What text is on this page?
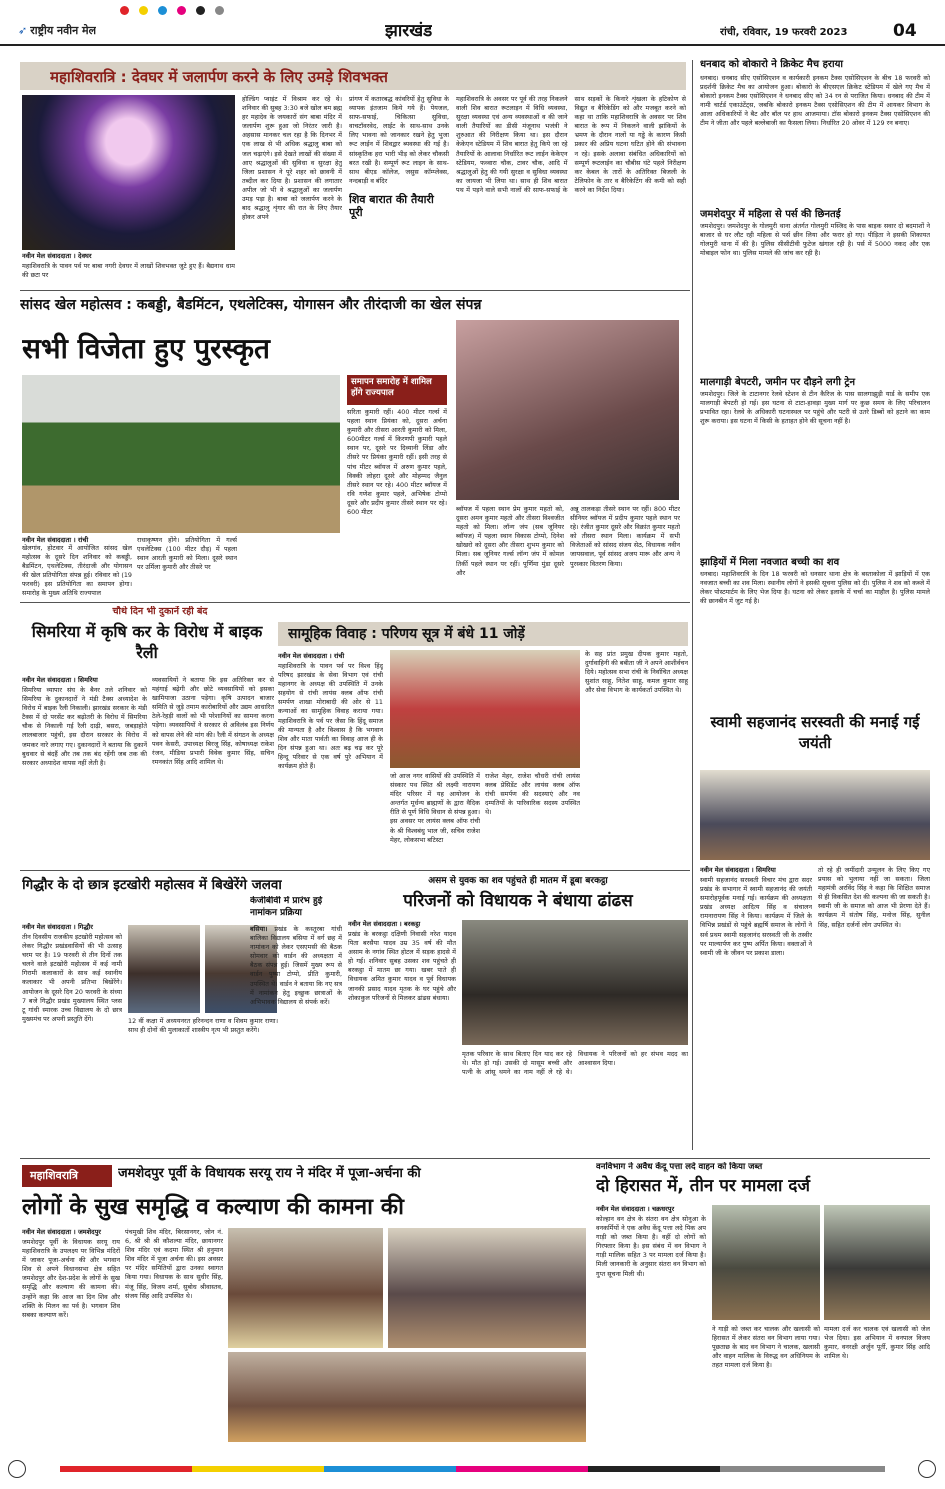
➶ राष्ट्रीय नवीन मेल	झारखंड	रांची, रविवार, 19 फरवरी 2023	04
महाशिवरात्रि : देवघर में जलार्पण करने के लिए उमड़े शिवभक्त
नवीन मेल संवाददाता । देवघर
महाशिवरात्रि के पावन पर्व पर बाबा नगरी देवघर में लाखों शिवभक्त जुटे हुए हैं। बैद्यनाथ धाम की छटा पर
होल्डिंग प्वाइंट में विश्राम कर रहे थे। शनिवार की सुबह 3:30 बजे खोल बम ब्रह्म हर महादेव के जयकारों संग बाबा मंदिर में जलार्पण शुरू हुआ जो निरंतर जारी है। अहसास मानकर चल रहा है कि दिनभर में एक लाख से भी अधिक श्रद्धालु बाबा को जल चढ़ाएंगे। इसे देखते लाखों की संख्या में आए श्रद्धालुओं की सुविधा व सुरक्षा हेतु जिला प्रशासन ने पूरे शहर को छावनी में तब्दील कर दिया है। प्रशासन की लगातार अपील जो भी वे श्रद्धालुओं का जलार्पण उमड़ पड़ा है। बाबा को जलार्पण करने के बाद श्रद्धालु शृंगार की रात के लिए तैयार होकर अपने
प्रांगण में कतारबद्ध कांवरियों हेतु सुविधा के व्यापक इंतजाम किये गये हैं। पेयजल, साफ-सफाई, चिकित्सा सुविधा, वाचटॉवरवेद, लाईट के साथ-साथ उनके लिए भावना को जानकार रखने हेतु भुजा रूट लाईन में शिवद्वार ब्यवस्था की गई है। सांस्कृतिक हरा भारी भीड़ को लेकर चौकसी बरत रखी है। सम्पूर्ण रूट लाइन के साथ-साथ बीएड कॉलेज, जसुस कॉम्प्लेक्स, नन्दबाड़ी व बंदिर
शिव बारात की तैयारी पूरी
महाशिवरात्रि के अवसर पर पूर्व की तरह निकलने वाली शिव बारात रूटलाइन में विधि व्यवस्था, सुरक्षा व्यवस्था एवं अन्य व्यवस्थाओं व की जाने वाली तैयारियों का डीसी मंजूनाथ भजंत्री ने शुरुआत की निरीक्षण किया था। इस दौरान केकेएन स्टेडियम में शिव बारात हेतु किये जा रहे तैयारियों के आलावा निर्धारित रूट लाईन केकेएन स्टेडियम, फव्वारा चौक, टावर चौक, आदि में श्रद्धालुओं हेतु की गयी सुरक्षा व सुविधा व्यवस्था का जायजा भी लिया था। साथ ही शिव बारात पथ में पड़ने वाले सभी नालों की साफ-सफाई के साथ सड़कों के किनारे शृंखला के हटिकोण से विद्युत व बैरिकेडिंग को और मजबूत करने को कहा था ताकि महाशिवरात्रि के अवसर पर शिव बारात के रूप में निकलने वाली झांकियों के भ्रमण के दौरान नालों या गड्ढे के कारण किसी प्रकार की अप्रिय घटना घटित होने की संभावना न रहे। इसके अलावा संबंधित अधिकारियों को सम्पूर्ण रूटलाईन का चौबीस घंटे पहले निरीक्षण कर केबल के तारों के अतिरिक्त बिजली के टेलिफोन के तार व बैरिकेटिंग की कमी को सही करने का निर्देश दिया।
सांसद खेल महोत्सव : कबड्डी, बैडमिंटन, एथलेटिक्स, योगासन और तीरंदाजी का खेल संपन्न
सभी विजेता हुए पुरस्कृत
समापन समारोह में शामिल होंगे राज्यपाल
सरिता कुमारी रहीं। 400 मीटर गर्ल्स में पहला स्थान प्रियंका को, दूसरा अर्चना कुमारी और तीसरा आरती कुमारी को मिला, 600मीटर गर्ल्स में किरणपी कुमारी पहले स्थान पर, दूसरे पर दिव्यानी लिंडा और तीसरे पर प्रियंका कुमारी रहीं। इसी तरह से पांच मीटर ब्वॉयज में अरुण कुमार पहले, विक्की लोहरा दूसरे और मोहम्मद जैनुल तीसरे स्थान पर रहे। 400 मीटर ब्वॉयज में रवि गणेश कुमार पहले, अभिषेक टोप्पो दूसरे और प्रदीप कुमार तीसरे स्थान पर रहे। 600 मीटर
नवीन मेल संवाददाता । रांची
खेलगांव, होटवार में आयोजित सांसद खेल महोत्सव के दूसरे दिन शनिवार को कबड्डी, बैडमिंटन, एथलेटिक्स, तीरंदाजी और योगासन की खेल प्रतियोगिता संपन्न हुई। रविवार को (19 फरवरी) इस प्रतियोगिता का समापन होगा। समारोह के मुख्य अतिथि राज्यपाल
राधाकृष्णन होंगे। प्रतियोगिता में गर्ल्स एथलेटिक्स (100 मीटर दौड़) में पहला स्थान आरती कुमारी को मिला। दूसरे स्थान पर उर्मिला कुमारी और तीसरे पर
ब्वॉयज में पहला स्थान प्रेम कुमार महतो को, दूसरा अमन कुमार महतो और तीसरा विश्वजीत महतो को मिला। लॉन्ग जंप (सब जूनियर ब्वॉयज) में पहला स्थान विकास टोप्पो, दिनेश खोखरो को दूसरा और तीसरा शुभम कुमार को मिला। सब जूनियर गर्ल्स लॉन्ग जंप में कोमल तिर्की पहले स्थान पर रहीं। पूर्णिमा मुंडा दूसरे और
अन्नू तालकड़ा तीसरे स्थान पर रहीं। 800 मीटर सीनियर ब्वॉयज में प्रदीप कुमार पहले स्थान पर रहे। रंजीत कुमार दूसरे और विक्रांत कुमार महतो को तीसरा स्थान मिला। कार्यक्रम में सभी विजेताओं को सांसद संजय सेठ, विधायक नवीन जायसवाल, पूर्व सांसद अजय मारू और अन्य ने पुरस्कार वितरण किया।
चौथे दिन भी दुकानें रही बंद
सिमरिया में कृषि कर के विरोध में बाइक रैली
नवीन मेल संवाददाता । सिमरिया
सिमरिया व्यापार संघ के बैनर तले शनिवार को सिमरिया के दुकानदारों ने मंडी टैक्स अध्यादेश के विरोध में बाइक रैली निकाली। झारखंड सरकार के मंडी टैक्स में दो परसेंट कर बढ़ोतरी के विरोध में सिमरिया चौक से निकाली गई रैली दाढ़ी, बसरा, जबड़ाहोते लालबाजार पहुंची, इस दौरान सरकार के विरोध में जमकर नारे लगाए गए। दुकानदारों ने बताया कि दुकानें बुधवार से बंदहैं और तब तक बंद रहेंगी जब तक की सरकार अध्यादेश वापस नहीं लेती है।
व्यवसायियों ने बताया कि इस अतिरिक्त कर से महंगाई बढ़ेगी और छोटे व्यवसायियों को इसका खामियाजा उठाना पड़ेगा। कृषि उत्पादन बाजार समिति से जुड़े तमाम कारोबारियों और उद्यम आधारित ठेले-रेहड़ी वालों को भी परेशानियों का सामना करना पड़ेगा। व्यवसायियों ने सरकार से अविलंब इस निर्णय को वापस लेने की मांग की। रैली में संगठन के अध्यक्ष पवन केसरी, उपाध्यक्ष बिरजू सिंह, कोषाध्यक्ष राकेश रंजन, मीडिया प्रभारी विवेक कुमार सिंह, सचिन रमनकांत सिंह आदि शामिल थे।
सामूहिक विवाह : परिणय सूत्र में बंधे 11 जोड़ें
नवीन मेल संवाददाता । रांची
महाशिवरात्रि के पावन पर्व पर विश्व हिंदू परिषद झारखंड के सेवा विभाग एवं रांची महानगर के अध्यक्ष की उपस्थिति में उनके सहयोग से रांची लायंस क्लब ऑफ रांची समर्पण शाखा मोराबादी की ओर से 11 कन्याओं का सामूहिक विवाह कराया गया। महाशिवरात्रि के पर्व पर जैसा कि हिंदू समाज की मान्यता है और विश्वास है कि भगवान शिव और माता पार्वती का विवाह आज ही के दिन संपन्न हुआ था। अतः बढ़ चढ़ कर पूरे हिन्दू परिवार से एक वर्ष पुरे अभियान में कार्यक्रम होते हैं।
जो आज नगर वासियों की उपस्थिति में संस्कार पथ स्थित श्री लक्ष्मी नारायण मंदिर परिसर में यह आयोजन के अन्तर्गत मूर्धन्य ब्राह्मणों के द्वारा वैदिक रीति से पूर्ण विधि विधान से संपन्न हुआ। इस अवसर पर लायंस क्लब ऑफ रांची के श्री विश्वबंधु भाल जी, सचिव राजेश मेहर, लोकसभा बटिस्टा
राजेश मेहर, राजेश चौधरी रांची लायंस क्लब प्रेसिडेंट और लायंस क्लब ऑफ रांची समर्पण की सदस्याएं और नव दम्पतियों के पारिवारिक सदस्य उपस्थित थे।
के सह प्रांत प्रमुख दीपक कुमार महतो, दुर्गावाहिनी की बबीता जी ने अपने आशीर्वचन दिये। महोत्सव सभा रांची के निर्वाचित अध्यक्ष सुशांत साहू, नितेश साहू, कमल कुमार साहू और सेवा विभाग के कार्यकर्ता उपस्थित थे।
गिद्धौर के दो छात्र इटखोरी महोत्सव में बिखेरेंगे जलवा
नवीन मेल संवाददाता । गिद्धौर
तीन दिवसीय राजकीय इटखोरी महोत्सव को लेकर गिद्धौर प्रखंडवासियों की भी उत्साह चरम पर है। 19 फरवरी से तीन दिनों तक चलने वाले इटखोरी महोत्सव में कई नामी गिरामी कलाकारों के साथ कई स्थानीय कलाकार भी अपनी प्रतिभा बिखेरेंगे। आयोजन के दूसरे दिन 20 फरवरी के संध्या 7 बजे गिद्धौर प्रखंड मुख्यालय स्थित प्लस टू गांधी स्मारक उच्च विद्यालय के दो छात्र मुख्यमंच पर अपनी प्रस्तुति देंगे।	12 वीं कक्षा में अध्ययनरत हरिनन्दन राणा व शिवम कुमार राणा। साथ ही दोनों की मुलाकातों शास्त्रीय नृत्य भी प्रस्तुत करेंगे।
केजीबीवी में प्रारंभ हुई नामांकन प्रक्रिया
बसिया। प्रखंड के कस्तूरबा गांधी बालिका विद्यालय बसिया में वर्ग छह में नामांकन को लेकर एसएमसी की बैठक सोमवार को वार्डन की अध्यक्षता में बैठक संपन्न हुई। जिसमें मुख्य रूप से वार्डन पुष्पा टोप्पो, प्रीति कुमारी, उपस्थित थे। वार्डन ने बताया कि नए सत्र में नामांकन हेतु इच्छुक छात्राओं के अभिभावक विद्यालय से संपर्क करें।
असम से युवक का शव पहुंचते ही मातम में डूबा बरकट्ठा
परिजनों को विधायक ने बंधाया ढांढस
नवीन मेल संवाददाता । बरकट्ठा
प्रखंड के बरकट्ठा दक्षिणी निवासी नरेश यादव पिता बरसैया यादव उम्र 35 वर्ष की मौत असाम के नगांव स्थित होटल में सड़क हादसे में हो गई। शनिवार सुबह उसका शव पहुंचते ही बरकट्ठा में मातम छा गया। खबर पाते ही विधायक अमित कुमार यादव व पूर्व विधायक जानकी प्रसाद यादव मृतक के घर पहुंचे और शोकाकुल परिजनों से मिलकर ढांढस बंधाया।
मृतक परिवार के साथ बिताए दिन याद कर रहे थे। मौत हो गई। उसकी दो मासूम बच्ची और पत्नी के आंसू थमने का नाम नहीं ले रहे थे। विधायक ने परिजनों को हर संभव मदद का आश्वासन दिया।
धनबाद को बोकारो ने क्रिकेट मैच हराया
धनबाद। धनबाद सीए एसोसिएशन व कार्यकारी इनकम टैक्स एसोसिएशन के बीच 18 फरवरी को प्रदर्शनी क्रिकेट मैच का आयोजन हुआ। बोकारो के बीएसएल क्रिकेट स्टेडियम में खेले गए मैच में बोकारो इनकम टैक्स एसोसिएशन ने धनबाद सीए को 34 रन से पराजित किया। धनबाद की टीम में नामी चार्टर्ड एकाउंटेंट्स, जबकि बोकारो इनकम टैक्स एसोसिएशन की टीम में आयकर विभाग के आला अधिकारियों ने बैट और बॉल पर हाथ आजमाया। टॉस बोकारो इनकम टैक्स एसोसिएशन की टीम ने जीता और पहले बल्लेबाजी का फैसला लिया। निर्धारित 20 ओवर में 129 रन बनाए।
जमशेदपुर में महिला से पर्स की छिनतई
जमशेदपुर। जमशेदपुर के गोलमुरी थाना अंतर्गत गोलमुरी मस्जिद के पास बाइक सवार दो बदमाशों ने बाजार से घर लौट रही महिला से पर्स छीन लिया और फरार हो गए। पीड़िता ने इसकी शिकायत गोलमुरी थाना में की है। पुलिस सीसीटीवी फुटेज खंगाल रही है। पर्स में 5000 नकद और एक मोबाइल फोन था। पुलिस मामले की जांच कर रही है।
मालगाड़ी बेपटरी, जमीन पर दौड़ने लगी ट्रेन
जमशेदपुर। जिले के टाटानगर रेलवे स्टेशन से टीन कैरिज के पास सालगाझुड़ी यार्ड के समीप एक मालगाड़ी बेपटरी हो गई। इस घटना से टाटा-हावड़ा मुख्य मार्ग पर कुछ समय के लिए परिचालन प्रभावित रहा। रेलवे के अधिकारी घटनास्थल पर पहुंचे और पटरी से उतरे डिब्बों को हटाने का काम शुरू कराया। इस घटना में किसी के हताहत होने की सूचना नहीं है।
झाड़ियों में मिला नवजात बच्ची का शव
धनबाद। महाशिवरात्रि के दिन 18 फरवरी को धनसार थाना क्षेत्र के बस्ताकोला में झाड़ियों में एक नवजात बच्ची का शव मिला। स्थानीय लोगों ने इसकी सूचना पुलिस को दी। पुलिस ने शव को कब्जे में लेकर पोस्टमार्टम के लिए भेज दिया है। घटना को लेकर इलाके में चर्चा का माहौल है। पुलिस मामले की छानबीन में जुट गई है।
स्वामी सहजानंद सरस्वती की मनाई गई जयंती
नवीन मेल संवाददाता । सिमरिया
स्वामी सहजानंद सरस्वती विचार मंच द्वारा सदर प्रखंड के सभागार में स्वामी सहजानंद की जयंती समारोहपूर्वक मनाई गई। कार्यक्रम की अध्यक्षता प्रखंड अध्यक्ष आदित्य सिंह व संचालन रामनारायण सिंह ने किया। कार्यक्रम में जिले के विभिन्न प्रखंडों से पहुंचे ब्रह्मर्षि समाज के लोगों ने सर्व प्रथम स्वामी सहजानंद सरस्वती जी के तस्वीर पर माल्यार्पण कर पुष्प अर्पित किया। वक्ताओं ने स्वामी जी के जीवन पर प्रकाश डाला।
तो रहे ही जमींदारी उन्मूलन के लिए किए गए प्रयास को भुलाया नहीं जा सकता। जिला महामंत्री अरविंद सिंह ने कहा कि शिक्षित समाज से ही विकसित देश की कल्पना की जा सकती है। स्वामी जी के समाज को आज भी प्रेरणा देते हैं। कार्यक्रम में संतोष सिंह, मनोज सिंह, सुनील सिंह, सहित दर्जनों लोग उपस्थित थे।
महाशिवरात्रि	जमशेदपुर पूर्वी के विधायक सरयू राय ने मंदिर में पूजा-अर्चना की
लोगों के सुख समृद्धि व कल्याण की कामना की
नवीन मेल संवाददाता । जमशेदपुर
जमशेदपुर पूर्वी के विधायक सरयू राय महाशिवरात्रि के उपलक्ष्य पर विभिन्न मंदिरों में जाकर पूजा-अर्चना की और भगवान शिव से अपने विधानसभा क्षेत्र सहित जमशेदपुर और देश-प्रदेश के लोगों के सुख समृद्धि और कल्याण की कामना की। उन्होंने कहा कि आज का दिन शिव और शक्ति के मिलन का पर्व है। भगवान शिव सबका कल्याण करें।
पंचमुखी शिव मंदिर, बिरसानगर, जोन नं. 6, श्री श्री श्री कौशल्या मंदिर, छायानगर शिव मंदिर एवं कदमा स्थित श्री हनुमान शिव मंदिर में पूजा अर्चना की। इस अवसर पर मंदिर समितियों द्वारा उनका स्वागत किया गया। विधायक के साथ सुधीर सिंह, मंजू सिंह, विजय शर्मा, सुबोध श्रीवास्तव, संजय सिंह आदि उपस्थित थे।
वनविभाग ने अवैध केंदू पत्ता लदे वाहन को किया जब्त
दो हिरासत में, तीन पर मामला दर्ज
नवीन मेल संवाददाता । चक्रधरपुर
कोल्हान वन क्षेत्र के संतरा वन क्षेत्र सोनुआ के वनकर्मियों ने एक अवैध केंदू पत्ता लदे पिक अप गाड़ी को जब्त किया है। वहीं दो लोगों को गिरफ्तार किया है। इस संबंध में वन विभाग ने गाड़ी मालिक सहित 3 पर मामला दर्ज किया है। मिली जानकारी के अनुसार संतरा वन विभाग को गुप्त सूचना मिली थी।
ने गाड़ी को जब्त कर चालक और खलासी को हिरासत में लेकर संतरा वन विभाग लाया गया। पूछताछ के बाद वन विभाग ने चालक, खलासी और वाहन मालिक के विरुद्ध वन अधिनियम के तहत मामला दर्ज किया है।
मामला दर्ज कर चालक एवं खलासी को जेल भेज दिया। इस अभियान में वनपाल विजय कुमार, वनरक्षी अर्जुन पूर्ती, कुमार सिंह आदि शामिल थे।
